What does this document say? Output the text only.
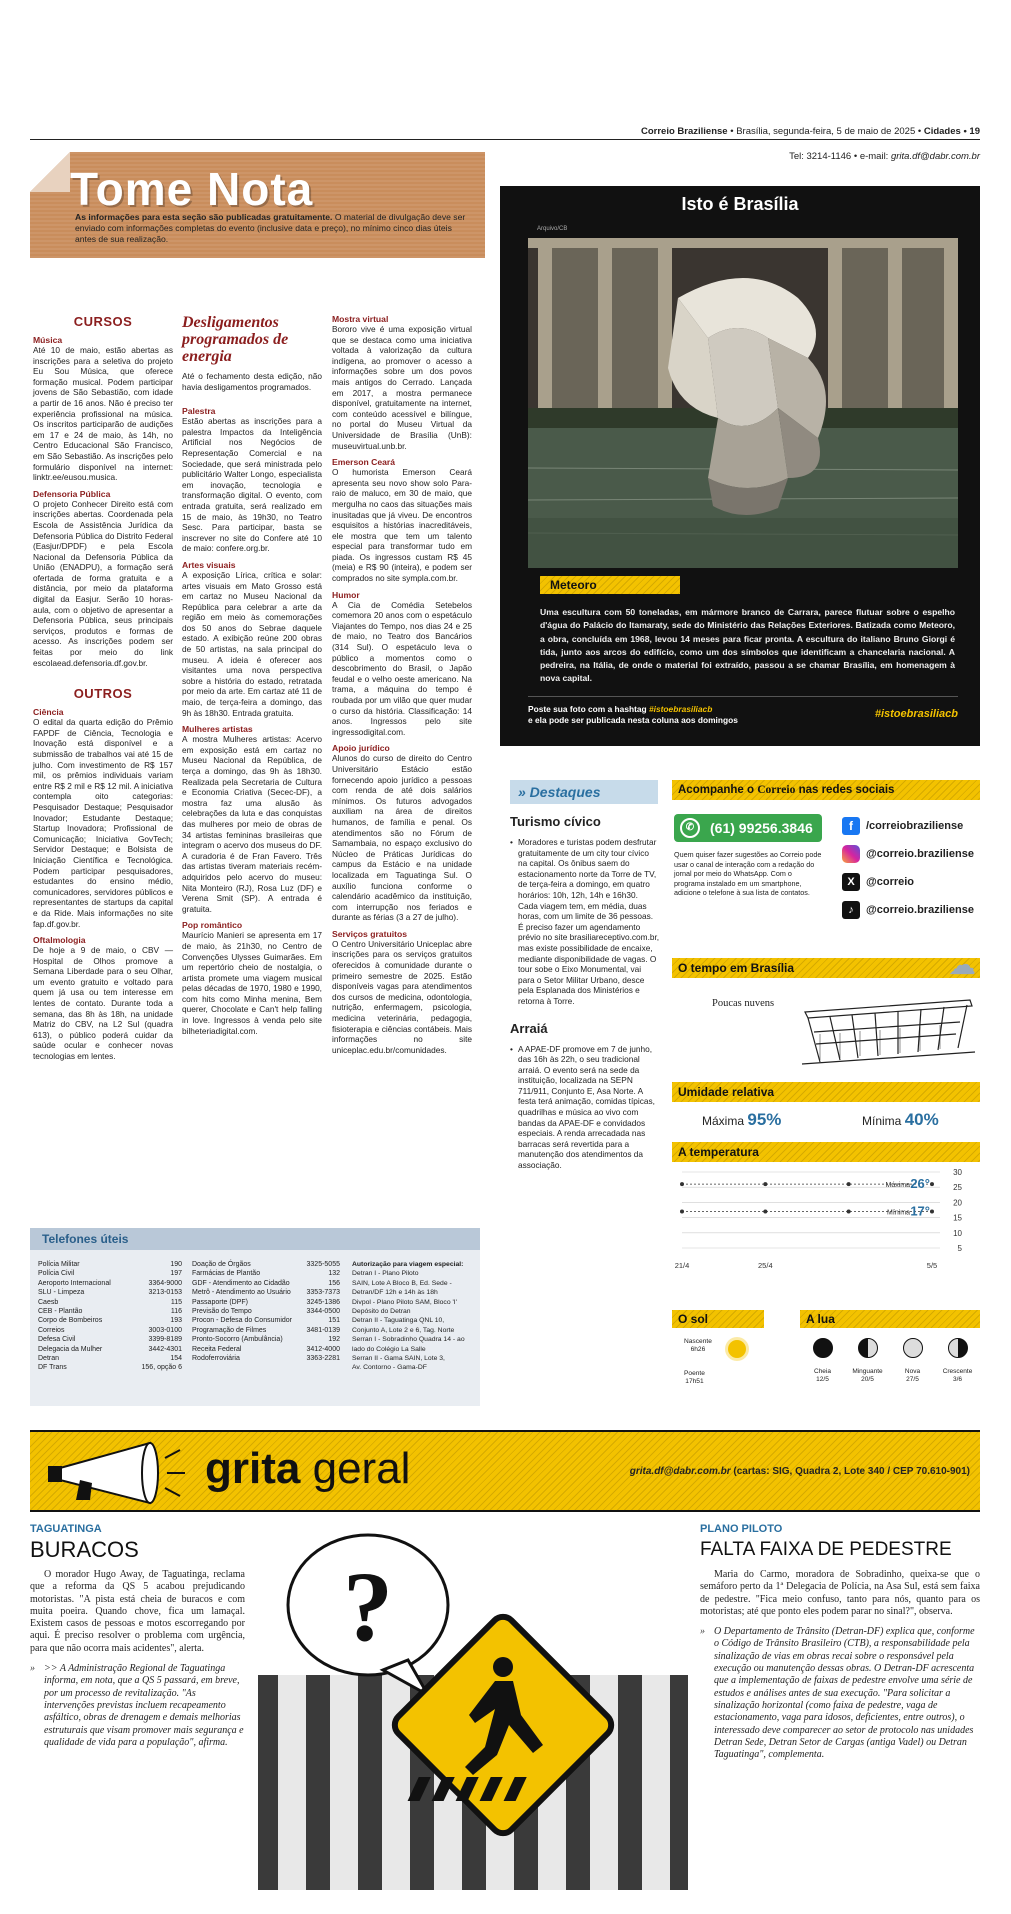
Correio Braziliense • Brasília, segunda-feira, 5 de maio de 2025 • Cidades • 19
Tel: 3214-1146 • e-mail: grita.df@dabr.com.br
Tome Nota
As informações para esta seção são publicadas gratuitamente. O material de divulgação deve ser enviado com informações completas do evento (inclusive data e preço), no mínimo cinco dias úteis antes de sua realização.
CURSOS
Música
Até 10 de maio, estão abertas as inscrições para a seletiva do projeto Eu Sou Música, que oferece formação musical. Podem participar jovens de São Sebastião, com idade a partir de 16 anos. Não é preciso ter experiência profissional na música. Os inscritos participarão de audições em 17 e 24 de maio, às 14h, no Centro Educacional São Francisco, em São Sebastião. As inscrições pelo formulário disponível na internet: linktr.ee/eusou.musica.
Defensoria Pública
O projeto Conhecer Direito está com inscrições abertas. Coordenada pela Escola de Assistência Jurídica da Defensoria Pública do Distrito Federal (Easjur/DPDF) e pela Escola Nacional da Defensoria Pública da União (ENADPU), a formação será ofertada de forma gratuita e a distância, por meio da plataforma digital da Easjur. Serão 10 horas-aula, com o objetivo de apresentar a Defensoria Pública, seus principais serviços, produtos e formas de acesso. As inscrições podem ser feitas por meio do link escolaead.defensoria.df.gov.br.
OUTROS
Ciência
O edital da quarta edição do Prêmio FAPDF de Ciência, Tecnologia e Inovação está disponível e a submissão de trabalhos vai até 15 de julho. Com investimento de R$ 157 mil, os prêmios individuais variam entre R$ 2 mil e R$ 12 mil. A iniciativa contempla oito categorias: Pesquisador Destaque; Pesquisador Inovador; Estudante Destaque; Startup Inovadora; Profissional de Comunicação; Iniciativa GovTech; Servidor Destaque; e Bolsista de Iniciação Científica e Tecnológica. Podem participar pesquisadores, estudantes do ensino médio, comunicadores, servidores públicos e representantes de startups da capital e da Ride. Mais informações no site fap.df.gov.br.
Oftalmologia
De hoje a 9 de maio, o CBV — Hospital de Olhos promove a Semana Liberdade para o seu Olhar, um evento gratuito e voltado para quem já usa ou tem interesse em lentes de contato. Durante toda a semana, das 8h às 18h, na unidade Matriz do CBV, na L2 Sul (quadra 613), o público poderá cuidar da saúde ocular e conhecer novas tecnologias em lentes.
Desligamentos programados de energia
Até o fechamento desta edição, não havia desligamentos programados.
Palestra
Estão abertas as inscrições para a palestra Impactos da Inteligência Artificial nos Negócios de Representação Comercial e na Sociedade, que será ministrada pelo publicitário Walter Longo, especialista em inovação, tecnologia e transformação digital. O evento, com entrada gratuita, será realizado em 15 de maio, às 19h30, no Teatro Sesc. Para participar, basta se inscrever no site do Confere até 10 de maio: confere.org.br.
Artes visuais
A exposição Lírica, crítica e solar: artes visuais em Mato Grosso está em cartaz no Museu Nacional da República para celebrar a arte da região em meio às comemorações dos 50 anos do Sebrae daquele estado. A exibição reúne 200 obras de 50 artistas, na sala principal do museu. A ideia é oferecer aos visitantes uma nova perspectiva sobre a história do estado, retratada por meio da arte. Em cartaz até 11 de maio, de terça-feira a domingo, das 9h às 18h30. Entrada gratuita.
Mulheres artistas
A mostra Mulheres artistas: Acervo em exposição está em cartaz no Museu Nacional da República, de terça a domingo, das 9h às 18h30. Realizada pela Secretaria de Cultura e Economia Criativa (Secec-DF), a mostra faz uma alusão às celebrações da luta e das conquistas das mulheres por meio de obras de 34 artistas femininas brasileiras que integram o acervo dos museus do DF. A curadoria é de Fran Favero. Três das artistas tiveram materiais recém-adquiridos pelo acervo do museu: Nita Monteiro (RJ), Rosa Luz (DF) e Verena Smit (SP). A entrada é gratuita.
Pop romântico
Maurício Manieri se apresenta em 17 de maio, às 21h30, no Centro de Convenções Ulysses Guimarães. Em um repertório cheio de nostalgia, o artista promete uma viagem musical pelas décadas de 1970, 1980 e 1990, com hits como Minha menina, Bem querer, Chocolate e Can't help falling in love. Ingressos à venda pelo site bilheteriadigital.com.
Mostra virtual
Bororo vive é uma exposição virtual que se destaca como uma iniciativa voltada à valorização da cultura indígena, ao promover o acesso a informações sobre um dos povos mais antigos do Cerrado. Lançada em 2017, a mostra permanece disponível, gratuitamente na internet, com conteúdo acessível e bilíngue, no portal do Museu Virtual da Universidade de Brasília (UnB): museuvirtual.unb.br.
Emerson Ceará
O humorista Emerson Ceará apresenta seu novo show solo Para-raio de maluco, em 30 de maio, que mergulha no caos das situações mais inusitadas que já viveu. De encontros esquisitos a histórias inacreditáveis, ele mostra que tem um talento especial para transformar tudo em piada. Os ingressos custam R$ 45 (meia) e R$ 90 (inteira), e podem ser comprados no site sympla.com.br.
Humor
A Cia de Comédia Setebelos comemora 20 anos com o espetáculo Viajantes do Tempo, nos dias 24 e 25 de maio, no Teatro dos Bancários (314 Sul). O espetáculo leva o público a momentos como o descobrimento do Brasil, o Japão feudal e o velho oeste americano. Na trama, a máquina do tempo é roubada por um vilão que quer mudar o curso da história. Classificação: 14 anos. Ingressos pelo site ingressodigital.com.
Apoio jurídico
Alunos do curso de direito do Centro Universitário Estácio estão fornecendo apoio jurídico a pessoas com renda de até dois salários mínimos. Os futuros advogados auxiliam na área de direitos humanos, de família e penal. Os atendimentos são no Fórum de Samambaia, no espaço exclusivo do Núcleo de Práticas Jurídicas do campus da Estácio e na unidade localizada em Taguatinga Sul. O auxílio funciona conforme o calendário acadêmico da instituição, com interrupção nos feriados e durante as férias (3 a 27 de julho).
Serviços gratuitos
O Centro Universitário Uniceplac abre inscrições para os serviços gratuitos oferecidos à comunidade durante o primeiro semestre de 2025. Estão disponíveis vagas para atendimentos dos cursos de medicina, odontologia, nutrição, enfermagem, psicologia, medicina veterinária, pedagogia, fisioterapia e ciências contábeis. Mais informações no site uniceplac.edu.br/comunidades.
Telefones úteis
Polícia Militar	190
Polícia Civil	197
Aeroporto Internacional	3364-9000
SLU - Limpeza	3213-0153
Caesb	115
CEB - Plantão	116
Corpo de Bombeiros	193
Correios	3003-0100
Defesa Civil	3399-8189
Delegacia da Mulher	3442-4301
Detran	154
DF Trans	156, opção 6
Doação de Órgãos	3325-5055
Farmácias de Plantão	132
GDF - Atendimento ao Cidadão	156
Metrô - Atendimento ao Usuário	3353-7373
Passaporte (DPF)	3245-1386
Previsão do Tempo	3344-0500
Procon - Defesa do Consumidor	151
Programação de Filmes	3481-0139
Pronto-Socorro (Ambulância)	192
Receita Federal	3412-4000
Rodoferroviária	3363-2281
Autorização para viagem especial:
Detran I - Plano Piloto
SAIN, Lote A Bloco B, Ed. Sede - Detran/DF 12h e 14h às 18h
Divpol - Plano Piloto SAM, Bloco 'I' Depósito do Detran
Detran II - Taguatinga QNL 10,
Conjunto A, Lote 2 e 6, Tag. Norte
Serran I - Sobradinho Quadra 14 - ao lado do Colégio La Salle
Serran II - Gama SAIN, Lote 3,
Av. Contorno - Gama-DF
Isto é Brasília
Arquivo/CB
Meteoro
Uma escultura com 50 toneladas, em mármore branco de Carrara, parece flutuar sobre o espelho d'água do Palácio do Itamaraty, sede do Ministério das Relações Exteriores. Batizada como Meteoro, a obra, concluída em 1968, levou 14 meses para ficar pronta. A escultura do italiano Bruno Giorgi é tida, junto aos arcos do edifício, como um dos símbolos que identificam a chancelaria nacional. A pedreira, na Itália, de onde o material foi extraído, passou a se chamar Brasília, em homenagem à nova capital.
Poste sua foto com a hashtag #istoebrasiliacb
e ela pode ser publicada nesta coluna aos domingos	#istoebrasiliacb
» Destaques
Turismo cívico
• Moradores e turistas podem desfrutar gratuitamente de um city tour cívico na capital. Os ônibus saem do estacionamento norte da Torre de TV, de terça-feira a domingo, em quatro horários: 10h, 12h, 14h e 16h30. Cada viagem tem, em média, duas horas, com um limite de 36 pessoas. É preciso fazer um agendamento prévio no site brasiliareceptivo.com.br, mas existe possibilidade de encaixe, mediante disponibilidade de vagas. O tour sobe o Eixo Monumental, vai para o Setor Militar Urbano, desce pela Esplanada dos Ministérios e retorna à Torre.
Arraiá
• A APAE-DF promove em 7 de junho, das 16h às 22h, o seu tradicional arraiá. O evento será na sede da instituição, localizada na SEPN 711/911, Conjunto E, Asa Norte. A festa terá animação, comidas típicas, quadrilhas e música ao vivo com bandas da APAE-DF e convidados especiais. A renda arrecadada nas barracas será revertida para a manutenção dos atendimentos da associação.
Acompanhe o Correio nas redes sociais
✆	(61) 99256.3846
Quem quiser fazer sugestões ao Correio pode usar o canal de interação com a redação do jornal por meio do WhatsApp. Com o programa instalado em um smartphone, adicione o telefone à sua lista de contatos.
f	/correiobraziliense
@correio.braziliense
X	@correio
♪	@correio.braziliense
O tempo em Brasília	☁
Poucas nuvens
Umidade relativa
Máxima 95%	Mínima 40%
A temperatura
30
25
20
15
10
5
Máxima 26°
Mínima 17°
21/4	25/4	5/5
O sol
Nascente
6h26
Poente
17h51
A lua
Cheia
12/5
Minguante
20/5
Nova
27/5
Crescente
3/6
grita geral	grita.df@dabr.com.br (cartas: SIG, Quadra 2, Lote 340 / CEP 70.610-901)
TAGUATINGA
BURACOS
O morador Hugo Away, de Taguatinga, reclama que a reforma da QS 5 acabou prejudicando motoristas. "A pista está cheia de buracos e com muita poeira. Quando chove, fica um lamaçal. Existem casos de pessoas e motos escorregando por aqui. É preciso resolver o problema com urgência, para que não ocorra mais acidentes", alerta.
» >> A Administração Regional de Taguatinga informa, em nota, que a QS 5 passará, em breve, por um processo de revitalização. "As intervenções previstas incluem recapeamento asfáltico, obras de drenagem e demais melhorias estruturais que visam promover mais segurança e qualidade de vida para a população", afirma.
?
PLANO PILOTO
FALTA FAIXA DE PEDESTRE
Maria do Carmo, moradora de Sobradinho, queixa-se que o semáforo perto da 1ª Delegacia de Polícia, na Asa Sul, está sem faixa de pedestre. "Fica meio confuso, tanto para nós, quanto para os motoristas; até que ponto eles podem parar no sinal?", observa.
» O Departamento de Trânsito (Detran-DF) explica que, conforme o Código de Trânsito Brasileiro (CTB), a responsabilidade pela sinalização de vias em obras recai sobre o responsável pela execução ou manutenção dessas obras. O Detran-DF acrescenta que a implementação de faixas de pedestre envolve uma série de estudos e análises antes de sua execução. "Para solicitar a sinalização horizontal (como faixa de pedestre, vaga de estacionamento, vaga para idosos, deficientes, entre outros), o interessado deve comparecer ao setor de protocolo nas unidades Detran Sede, Detran Setor de Cargas (antiga Vadel) ou Detran Taguatinga", complementa.
